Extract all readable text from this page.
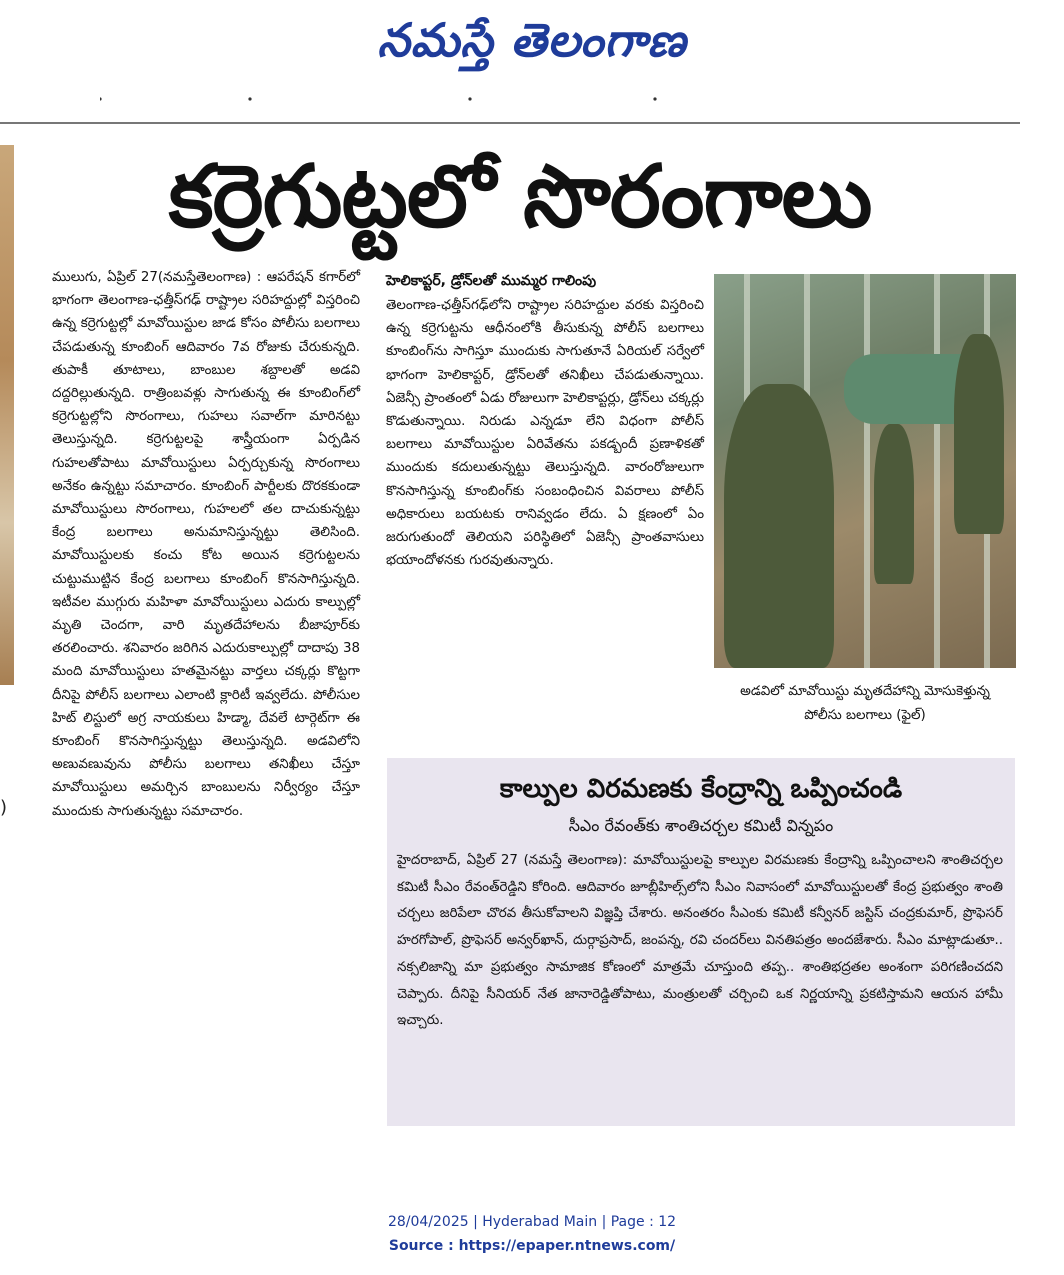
నమస్తే తెలంగాణ
)
కర్రెగుట్టలో సొరంగాలు

ములుగు, ఏప్రిల్ 27(నమస్తేతెలంగాణ) : ఆపరేషన్ కగార్‌లో భాగంగా తెలంగాణ-ఛత్తీస్‌గఢ్ రాష్ట్రాల సరిహద్దుల్లో విస్తరించి ఉన్న కర్రెగుట్టల్లో మావోయిస్టుల జాడ కోసం పోలీసు బలగాలు చేపడుతున్న కూంబింగ్ ఆదివారం 7వ రోజుకు చేరుకున్నది. తుపాకీ తూటాలు, బాంబుల శబ్దాలతో అడవి దద్దరిల్లుతున్నది. రాత్రింబవళ్లు సాగుతున్న ఈ కూంబింగ్‌లో కర్రెగుట్టల్లోని సొరంగాలు, గుహలు సవాల్‌గా మారినట్టు తెలుస్తున్నది. కర్రెగుట్టలపై శాస్త్రీయంగా ఏర్పడిన గుహలతోపాటు మావోయిస్టులు ఏర్పర్చుకున్న సొరంగాలు అనేకం ఉన్నట్టు సమాచారం. కూంబింగ్ పార్టీలకు దొరకకుండా మావోయిస్టులు సొరంగాలు, గుహలలో తల దాచుకున్నట్టు కేంద్ర బలగాలు అనుమానిస్తున్నట్టు తెలిసింది. మావోయిస్టులకు కంచు కోట అయిన కర్రెగుట్టలను చుట్టుముట్టిన కేంద్ర బలగాలు కూంబింగ్ కొనసాగిస్తున్నది. ఇటీవల ముగ్గురు మహిళా మావోయిస్టులు ఎదురు కాల్పుల్లో మృతి చెందగా, వారి మృతదేహాలను బీజాపూర్‌కు తరలించారు. శనివారం జరిగిన ఎదురుకాల్పుల్లో దాదాపు 38 మంది మావోయిస్టులు హతమైనట్టు వార్తలు చక్కర్లు కొట్టగా దీనిపై పోలీస్ బలగాలు ఎలాంటి క్లారిటీ ఇవ్వలేదు. పోలీసుల హిట్ లిస్టులో అగ్ర నాయకులు హిడ్మా, దేవలే టార్గెట్‌గా ఈ కూంబింగ్ కొనసాగిస్తున్నట్టు తెలుస్తున్నది. అడవిలోని అణువణువును పోలీసు బలగాలు తనిఖీలు చేస్తూ మావోయిస్టులు అమర్చిన బాంబులను నిర్వీర్యం చేస్తూ ముందుకు సాగుతున్నట్టు సమాచారం.

హెలికాప్టర్, డ్రోన్‌లతో ముమ్మర గాలింపు

తెలంగాణ-ఛత్తీస్‌గఢ్‌లోని రాష్ట్రాల సరిహద్దుల వరకు విస్తరించి ఉన్న కర్రెగుట్టను ఆధీనంలోకి తీసుకున్న పోలీస్ బలగాలు కూంబింగ్‌ను సాగిస్తూ ముందుకు సాగుతూనే ఏరియల్ సర్వేలో భాగంగా హెలికాప్టర్, డ్రోన్‌లతో తనిఖీలు చేపడుతున్నాయి. ఏజెన్సీ ప్రాంతంలో ఏడు రోజులుగా హెలికాప్టర్లు, డ్రోన్‌లు చక్కర్లు కొడుతున్నాయి. నిరుడు ఎన్నడూ లేని విధంగా పోలీస్ బలగాలు మావోయిస్టుల ఏరివేతను పకడ్బందీ ప్రణాళికతో ముందుకు కదులుతున్నట్టు తెలుస్తున్నది. వారంరోజులుగా కొనసాగిస్తున్న కూంబింగ్‌కు సంబంధించిన వివరాలు పోలీస్ అధికారులు బయటకు రానివ్వడం లేదు. ఏ క్షణంలో ఏం జరుగుతుందో తెలియని పరిస్థితిలో ఏజెన్సీ ప్రాంతవాసులు భయాందోళనకు గురవుతున్నారు.

అడవిలో మావోయిస్టు మృతదేహాన్ని మోసుకెళ్తున్న పోలీసు బలగాలు (ఫైల్)
కాల్పుల విరమణకు కేంద్రాన్ని ఒప్పించండి
సీఎం రేవంత్‌కు శాంతిచర్చల కమిటీ విన్నపం
హైదరాబాద్, ఏప్రిల్ 27 (నమస్తే తెలంగాణ): మావోయిస్టులపై కాల్పుల విరమణకు కేంద్రాన్ని ఒప్పించాలని శాంతిచర్చల కమిటీ సీఎం రేవంత్‌రెడ్డిని కోరింది. ఆదివారం జూబ్లీహిల్స్‌లోని సీఎం నివాసంలో మావోయిస్టులతో కేంద్ర ప్రభుత్వం శాంతి చర్చలు జరిపేలా చొరవ తీసుకోవాలని విజ్ఞప్తి చేశారు. అనంతరం సీఎంకు కమిటీ కన్వీనర్ జస్టిస్ చంద్రకుమార్, ప్రొఫెసర్ హరగోపాల్, ప్రొఫెసర్ అన్వర్‌ఖాన్, దుర్గాప్రసాద్, జంపన్న, రవి చందర్‌లు వినతిపత్రం అందజేశారు. సీఎం మాట్లాడుతూ.. నక్సలిజాన్ని మా ప్రభుత్వం సామాజిక కోణంలో మాత్రమే చూస్తుంది తప్ప.. శాంతిభద్రతల అంశంగా పరిగణించదని చెప్పారు. దీనిపై సీనియర్ నేత జానారెడ్డితోపాటు, మంత్రులతో చర్చించి ఒక నిర్ణయాన్ని ప్రకటిస్తామని ఆయన హామీ ఇచ్చారు.
28/04/2025 | Hyderabad Main | Page : 12
Source : https://epaper.ntnews.com/
